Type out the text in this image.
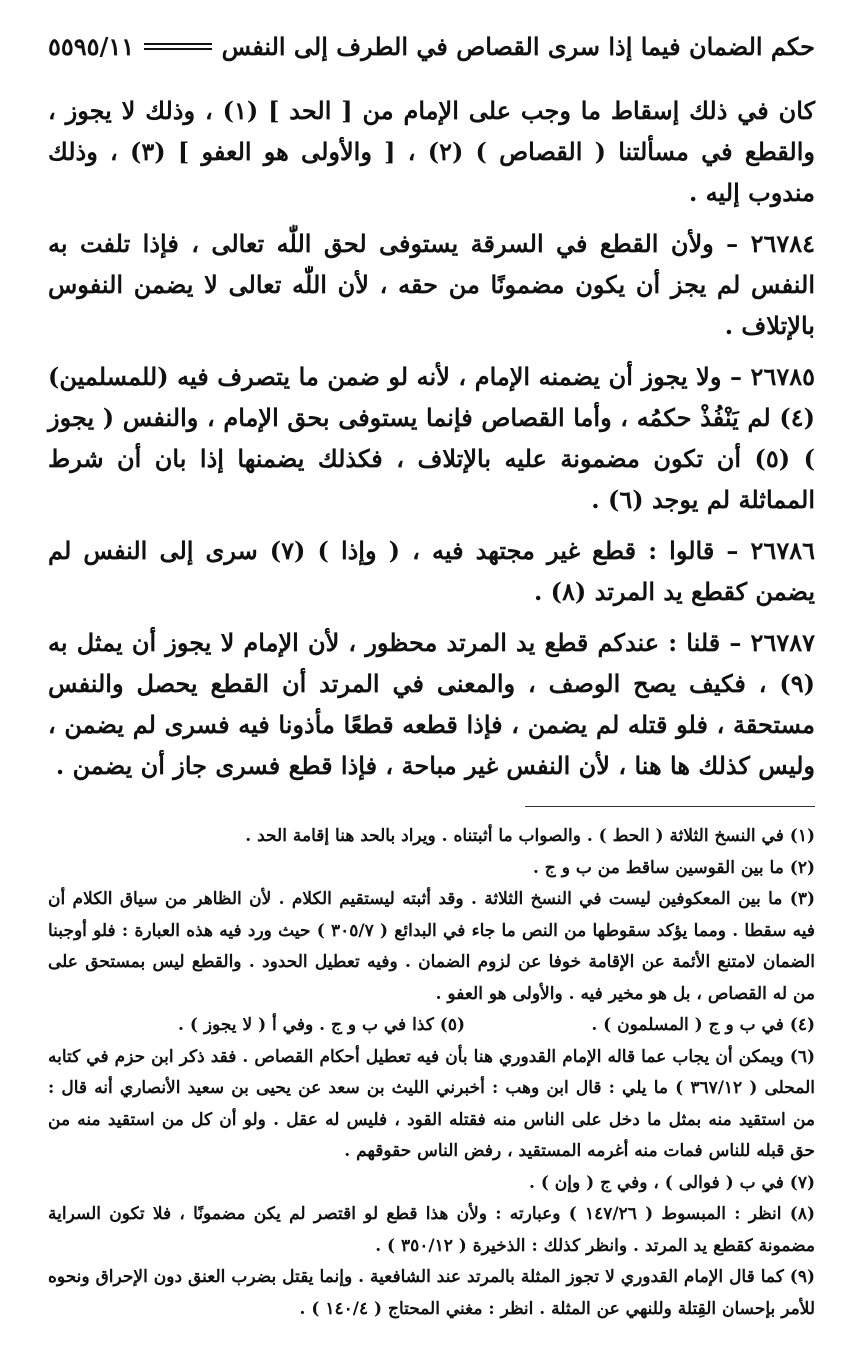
حكم الضمان فيما إذا سرى القصاص في الطرف إلى النفس
٥٥٩٥/١١

كان في ذلك إسقاط ما وجب على الإمام من [ الحد ] (١) ، وذلك لا يجوز ، والقطع في مسألتنا ( القصاص ) (٢) ، [ والأولى هو العفو ] (٣) ، وذلك مندوب إليه .

٢٦٧٨٤ – ولأن القطع في السرقة يستوفى لحق اللّٰه تعالى ، فإذا تلفت به النفس لم يجز أن يكون مضمونًا من حقه ، لأن اللّٰه تعالى لا يضمن النفوس بالإتلاف .

٢٦٧٨٥ – ولا يجوز أن يضمنه الإمام ، لأنه لو ضمن ما يتصرف فيه (للمسلمين) (٤) لم يَنْفُذْ حكمُه ، وأما القصاص فإنما يستوفى بحق الإمام ، والنفس ( يجوز ) (٥) أن تكون مضمونة عليه بالإتلاف ، فكذلك يضمنها إذا بان أن شرط المماثلة لم يوجد (٦) .

٢٦٧٨٦ – قالوا : قطع غير مجتهد فيه ، ( وإذا ) (٧) سرى إلى النفس لم يضمن كقطع يد المرتد (٨) .

٢٦٧٨٧ – قلنا : عندكم قطع يد المرتد محظور ، لأن الإمام لا يجوز أن يمثل به (٩) ، فكيف يصح الوصف ، والمعنى في المرتد أن القطع يحصل والنفس مستحقة ، فلو قتله لم يضمن ، فإذا قطعه قطعًا مأذونا فيه فسرى لم يضمن ، وليس كذلك ها هنا ، لأن النفس غير مباحة ، فإذا قطع فسرى جاز أن يضمن .

(١) في النسخ الثلاثة ( الحط ) . والصواب ما أثبتناه . ويراد بالحد هنا إقامة الحد .

(٢) ما بين القوسين ساقط من ب و ج .

(٣) ما بين المعكوفين ليست في النسخ الثلاثة . وقد أثبته ليستقيم الكلام . لأن الظاهر من سياق الكلام أن فيه سقطا . ومما يؤكد سقوطها من النص ما جاء في البدائع ( ٣٠٥/٧ ) حيث ورد فيه هذه العبارة : فلو أوجبنا الضمان لامتنع الأئمة عن الإقامة خوفا عن لزوم الضمان . وفيه تعطيل الحدود . والقطع ليس بمستحق على من له القصاص ، بل هو مخير فيه . والأولى هو العفو .

(٤) في ب و ج ( المسلمون ) .

(٥) كذا في ب و ج . وفي أ ( لا يجوز ) .

(٦) ويمكن أن يجاب عما قاله الإمام القدوري هنا بأن فيه تعطيل أحكام القصاص . فقد ذكر ابن حزم في كتابه المحلى ( ٣٦٧/١٢ ) ما يلي : قال ابن وهب : أخبرني الليث بن سعد عن يحيى بن سعيد الأنصاري أنه قال : من استقيد منه بمثل ما دخل على الناس منه فقتله القود ، فليس له عقل . ولو أن كل من استقيد منه من حق قبله للناس فمات منه أغرمه المستقيد ، رفض الناس حقوقهم .

(٧) في ب ( فوالى ) ، وفي ج ( وإن ) .

(٨) انظر : المبسوط ( ١٤٧/٢٦ ) وعبارته : ولأن هذا قطع لو اقتصر لم يكن مضمونًا ، فلا تكون السراية مضمونة كقطع يد المرتد . وانظر كذلك : الذخيرة ( ٣٥٠/١٢ ) .

(٩) كما قال الإمام القدوري لا تجوز المثلة بالمرتد عند الشافعية . وإنما يقتل بضرب العنق دون الإحراق ونحوه للأمر بإحسان القِتلة وللنهي عن المثلة . انظر : مغني المحتاج ( ١٤٠/٤ ) .
